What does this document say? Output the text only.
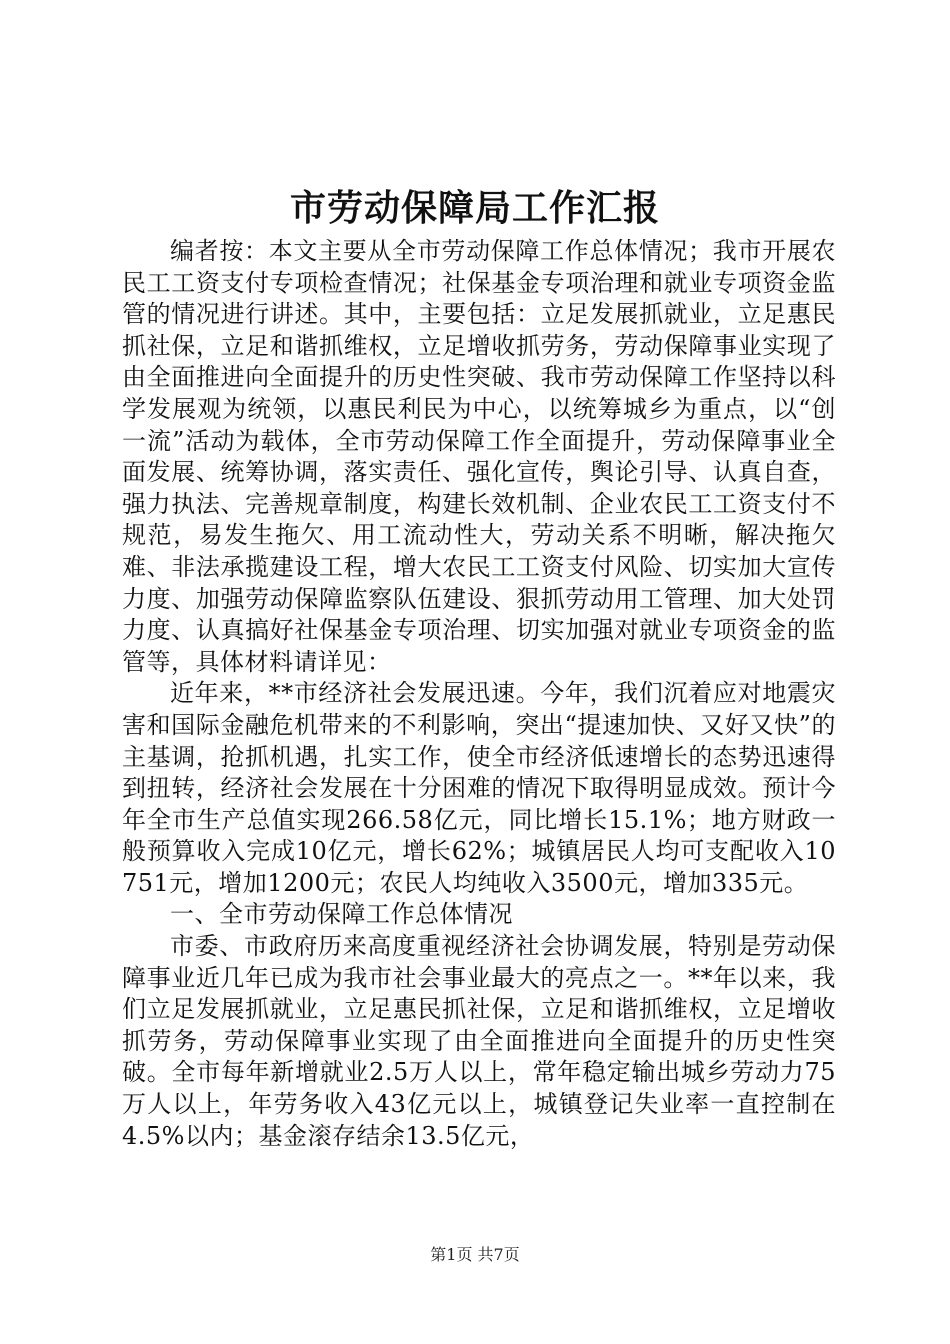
市劳动保障局工作汇报

编者按：本文主要从全市劳动保障工作总体情况；我市开展农民工工资支付专项检查情况；社保基金专项治理和就业专项资金监管的情况进行讲述。其中，主要包括：立足发展抓就业，立足惠民抓社保，立足和谐抓维权，立足增收抓劳务，劳动保障事业实现了由全面推进向全面提升的历史性突破、我市劳动保障工作坚持以科学发展观为统领，以惠民利民为中心，以统筹城乡为重点，以“创一流”活动为载体，全市劳动保障工作全面提升，劳动保障事业全面发展、统筹协调，落实责任、强化宣传，舆论引导、认真自查，强力执法、完善规章制度，构建长效机制、企业农民工工资支付不规范，易发生拖欠、用工流动性大，劳动关系不明晰，解决拖欠难、非法承揽建设工程，增大农民工工资支付风险、切实加大宣传力度、加强劳动保障监察队伍建设、狠抓劳动用工管理、加大处罚力度、认真搞好社保基金专项治理、切实加强对就业专项资金的监管等，具体材料请详见：

近年来，**市经济社会发展迅速。今年，我们沉着应对地震灾害和国际金融危机带来的不利影响，突出“提速加快、又好又快”的主基调，抢抓机遇，扎实工作，使全市经济低速增长的态势迅速得到扭转，经济社会发展在十分困难的情况下取得明显成效。预计今年全市生产总值实现266.58亿元，同比增长15.1%；地方财政一般预算收入完成10亿元，增长62%；城镇居民人均可支配收入10751元，增加1200元；农民人均纯收入3500元，增加335元。

一、全市劳动保障工作总体情况

市委、市政府历来高度重视经济社会协调发展，特别是劳动保障事业近几年已成为我市社会事业最大的亮点之一。**年以来，我们立足发展抓就业，立足惠民抓社保，立足和谐抓维权，立足增收抓劳务，劳动保障事业实现了由全面推进向全面提升的历史性突破。全市每年新增就业2.5万人以上，常年稳定输出城乡劳动力75万人以上，年劳务收入43亿元以上，城镇登记失业率一直控制在4.5%以内；基金滚存结余13.5亿元，

第1页 共7页
